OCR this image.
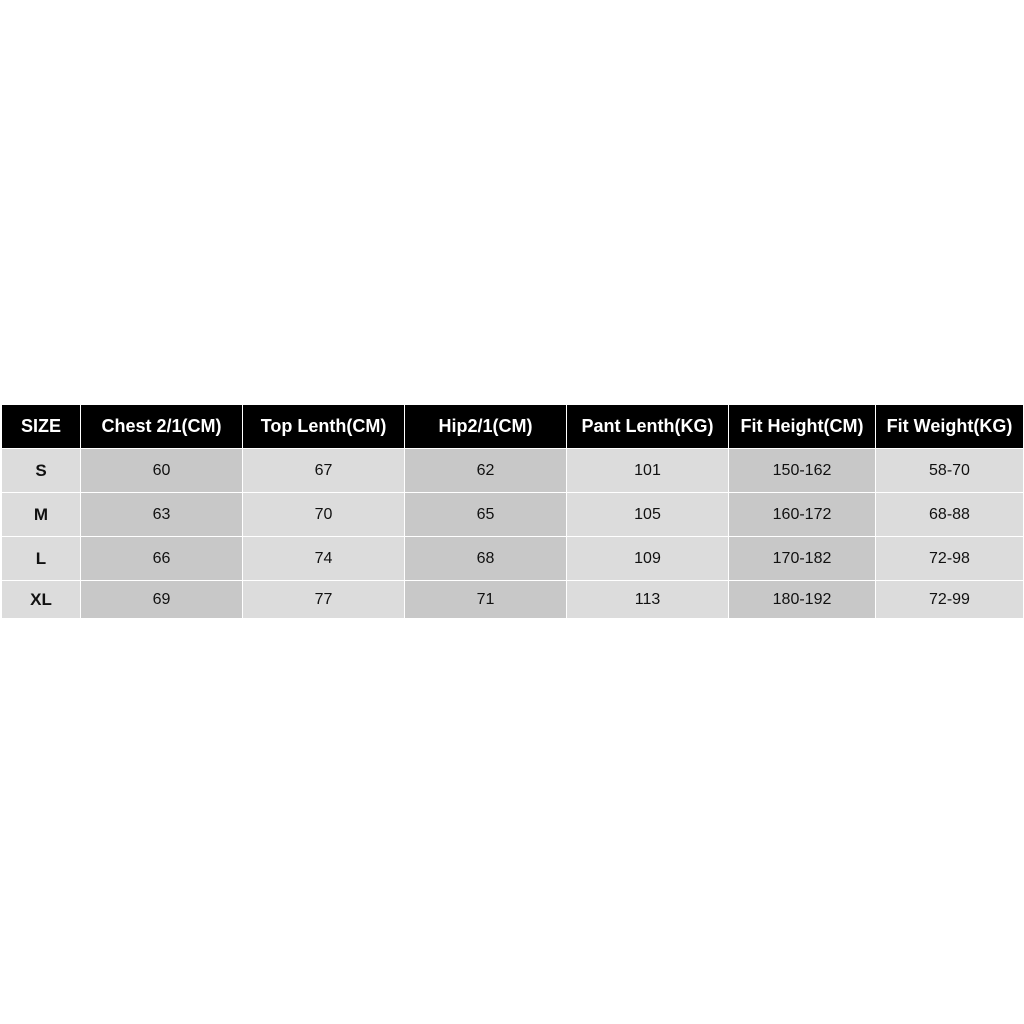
SIZE	Chest 2/1(CM)	Top Lenth(CM)	Hip2/1(CM)	Pant Lenth(KG)	Fit Height(CM)	Fit Weight(KG)
S	60	67	62	101	150-162	58-70
M	63	70	65	105	160-172	68-88
L	66	74	68	109	170-182	72-98
XL	69	77	71	113	180-192	72-99
